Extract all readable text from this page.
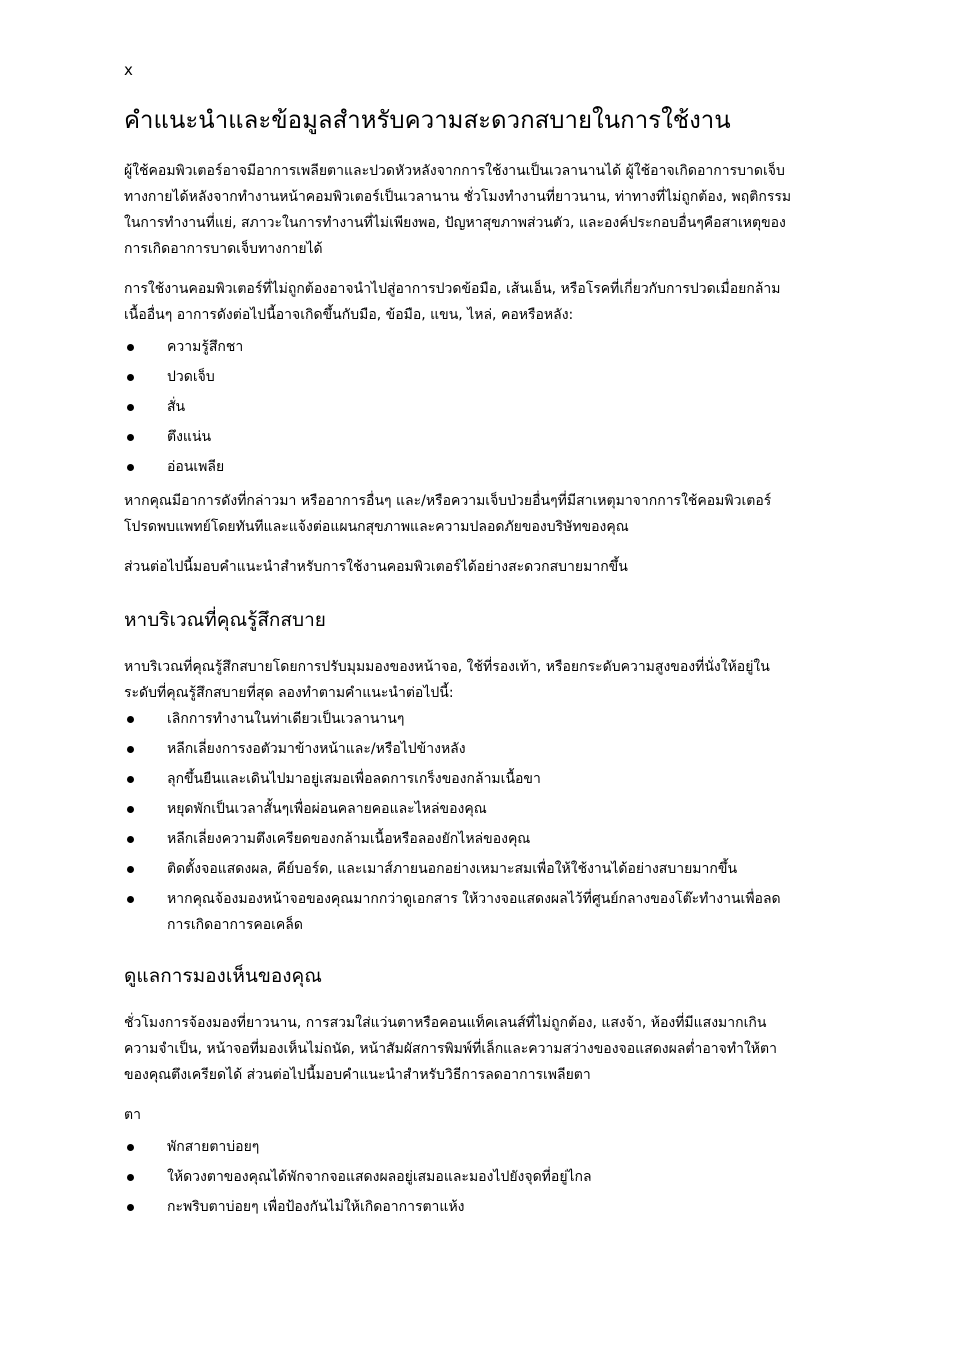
x
คำแนะนำและข้อมูลสำหรับความสะดวกสบายในการใช้งาน

ผู้ใช้คอมพิวเตอร์อาจมีอาการเพลียตาและปวดหัวหลังจากการใช้งานเป็นเวลานานได้ ผู้ใช้อาจเกิดอาการบาดเจ็บทางกายได้หลังจากทำงานหน้าคอมพิวเตอร์เป็นเวลานาน ชั่วโมงทำงานที่ยาวนาน, ท่าทางที่ไม่ถูกต้อง, พฤติกรรมในการทำงานที่แย่, สภาวะในการทำงานที่ไม่เพียงพอ, ปัญหาสุขภาพส่วนตัว, และองค์ประกอบอื่นๆคือสาเหตุของการเกิดอาการบาดเจ็บทางกายได้

การใช้งานคอมพิวเตอร์ที่ไม่ถูกต้องอาจนำไปสู่อาการปวดข้อมือ, เส้นเอ็น, หรือโรคที่เกี่ยวกับการปวดเมื่อยกล้ามเนื้ออื่นๆ อาการดังต่อไปนี้อาจเกิดขึ้นกับมือ, ข้อมือ, แขน, ไหล่, คอหรือหลัง:

ความรู้สึกชา
ปวดเจ็บ
สั่น
ตึงแน่น
อ่อนเพลีย

หากคุณมีอาการดังที่กล่าวมา หรืออาการอื่นๆ และ/หรือความเจ็บป่วยอื่นๆที่มีสาเหตุมาจากการใช้คอมพิวเตอร์ โปรดพบแพทย์โดยทันทีและแจ้งต่อแผนกสุขภาพและความปลอดภัยของบริษัทของคุณ

ส่วนต่อไปนี้มอบคำแนะนำสำหรับการใช้งานคอมพิวเตอร์ได้อย่างสะดวกสบายมากขึ้น

หาบริเวณที่คุณรู้สึกสบาย

หาบริเวณที่คุณรู้สึกสบายโดยการปรับมุมมองของหน้าจอ, ใช้ที่รองเท้า, หรือยกระดับความสูงของที่นั่งให้อยู่ในระดับที่คุณรู้สึกสบายที่สุด ลองทำตามคำแนะนำต่อไปนี้:

เลิกการทำงานในท่าเดียวเป็นเวลานานๆ
หลีกเลี่ยงการงอตัวมาข้างหน้าและ/หรือไปข้างหลัง
ลุกขึ้นยืนและเดินไปมาอยู่เสมอเพื่อลดการเกร็งของกล้ามเนื้อขา
หยุดพักเป็นเวลาสั้นๆเพื่อผ่อนคลายคอและไหล่ของคุณ
หลีกเลี่ยงความตึงเครียดของกล้ามเนื้อหรือลองยักไหล่ของคุณ
ติดตั้งจอแสดงผล, คีย์บอร์ด, และเมาส์ภายนอกอย่างเหมาะสมเพื่อให้ใช้งานได้อย่างสบายมากขึ้น
หากคุณจ้องมองหน้าจอของคุณมากกว่าดูเอกสาร ให้วางจอแสดงผลไว้ที่ศูนย์กลางของโต๊ะทำงานเพื่อลดการเกิดอาการคอเคล็ด
ดูแลการมองเห็นของคุณ

ชั่วโมงการจ้องมองที่ยาวนาน, การสวมใส่แว่นตาหรือคอนแท็คเลนส์ที่ไม่ถูกต้อง, แสงจ้า, ห้องที่มีแสงมากเกินความจำเป็น, หน้าจอที่มองเห็นไม่ถนัด, หน้าสัมผัสการพิมพ์ที่เล็กและความสว่างของจอแสดงผลต่ำอาจทำให้ตาของคุณตึงเครียดได้ ส่วนต่อไปนี้มอบคำแนะนำสำหรับวิธีการลดอาการเพลียตา

ตา

พักสายตาบ่อยๆ
ให้ดวงตาของคุณได้พักจากจอแสดงผลอยู่เสมอและมองไปยังจุดที่อยู่ไกล
กะพริบตาบ่อยๆ เพื่อป้องกันไม่ให้เกิดอาการตาแห้ง
